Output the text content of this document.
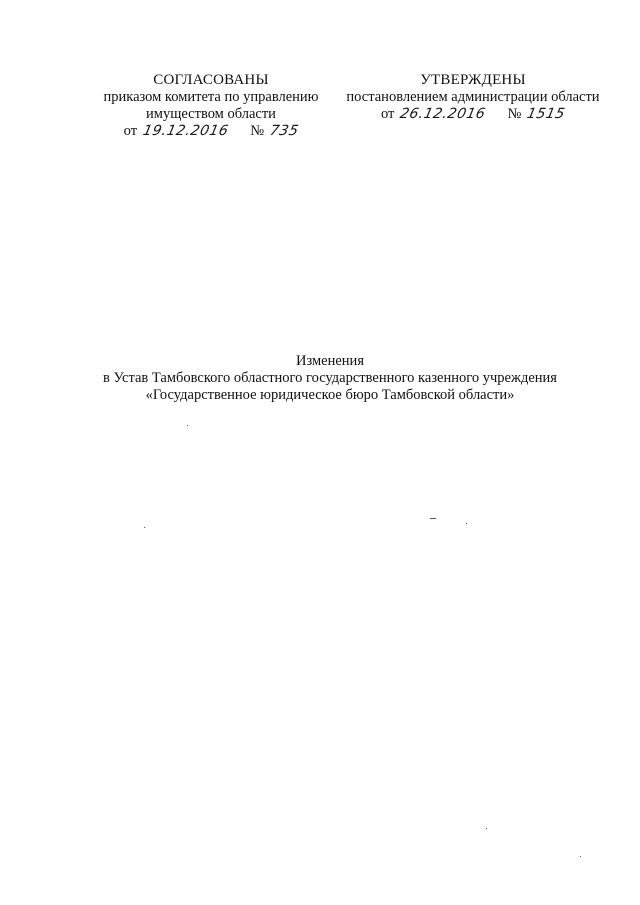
СОГЛАСОВАНЫ
приказом комитета по управлению
имуществом области
от 19.12.2016 № 735
УТВЕРЖДЕНЫ
постановлением администрации области
от 26.12.2016 № 1515
Изменения
в Устав Тамбовского областного государственного казенного учреждения
«Государственное юридическое бюро Тамбовской области»
